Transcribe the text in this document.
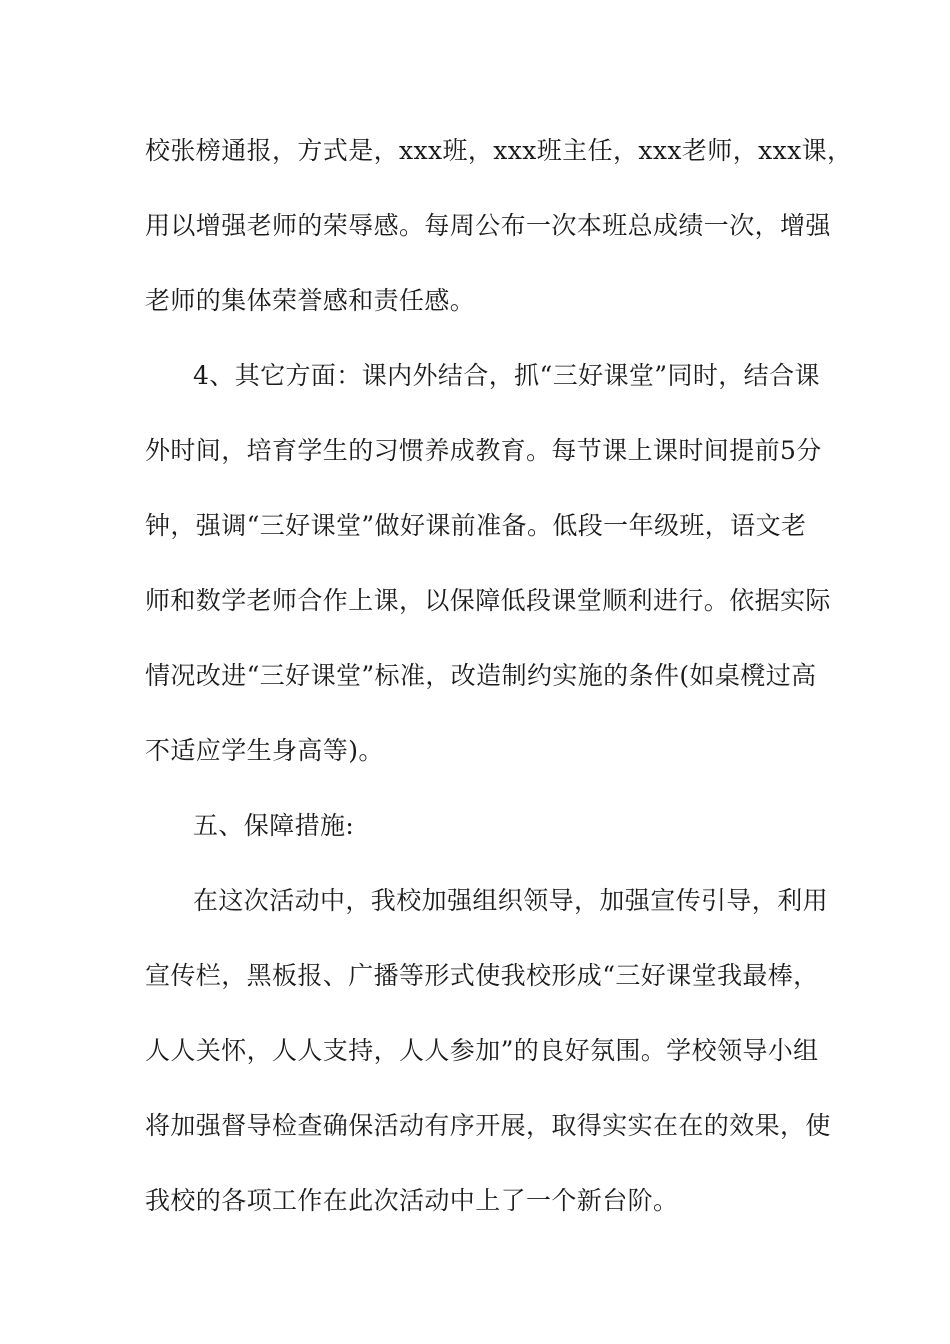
校张榜通报，方式是，xxx班，xxx班主任，xxx老师，xxx课，
用以增强老师的荣辱感。每周公布一次本班总成绩一次，增强
老师的集体荣誉感和责任感。
4、其它方面：课内外结合，抓“三好课堂”同时，结合课
外时间，培育学生的习惯养成教育。每节课上课时间提前5分
钟，强调“三好课堂”做好课前准备。低段一年级班，语文老
师和数学老师合作上课，以保障低段课堂顺利进行。依据实际
情况改进“三好课堂”标准，改造制约实施的条件(如桌櫈过高
不适应学生身高等)。
五、保障措施:
在这次活动中，我校加强组织领导，加强宣传引导，利用
宣传栏，黑板报、广播等形式使我校形成“三好课堂我最棒，
人人关怀，人人支持，人人参加”的良好氛围。学校领导小组
将加强督导检查确保活动有序开展，取得实实在在的效果，使
我校的各项工作在此次活动中上了一个新台阶。
